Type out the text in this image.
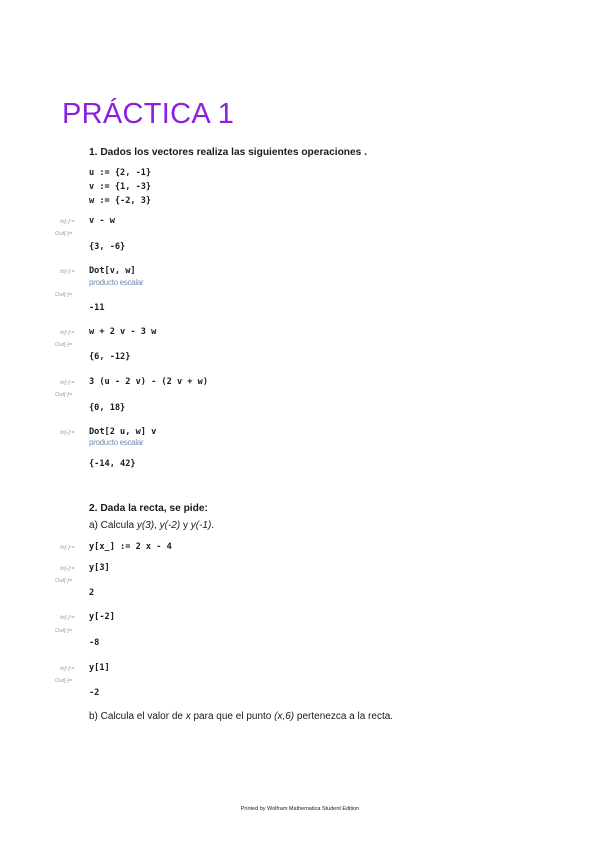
PRÁCTICA 1
1. Dados los vectores realiza las siguientes operaciones .
u := {2, -1}
v := {1, -3}
w := {-2, 3}
In[-]:= v - w
Out[-]=
{3, -6}
In[-]:= Dot[v, w]
producto escalar
Out[-]=
-11
In[-]:= w + 2 v - 3 w
Out[-]=
{6, -12}
In[-]:= 3 (u - 2 v) - (2 v + w)
Out[-]=
{0, 18}
In[-]:= Dot[2 u, w] v
producto escalar
{-14, 42}
2. Dada la recta, se pide:
a) Calcula y(3), y(-2) y y(-1).
In[-]:= y[x_] := 2 x - 4
In[-]:= y[3]
Out[-]=
2
In[-]:= y[-2]
Out[-]=
-8
In[-]:= y[1]
Out[-]=
-2
b) Calcula el valor de x para que el punto (x,6) pertenezca a la recta.
Printed by Wolfram Mathematica Student Edition
